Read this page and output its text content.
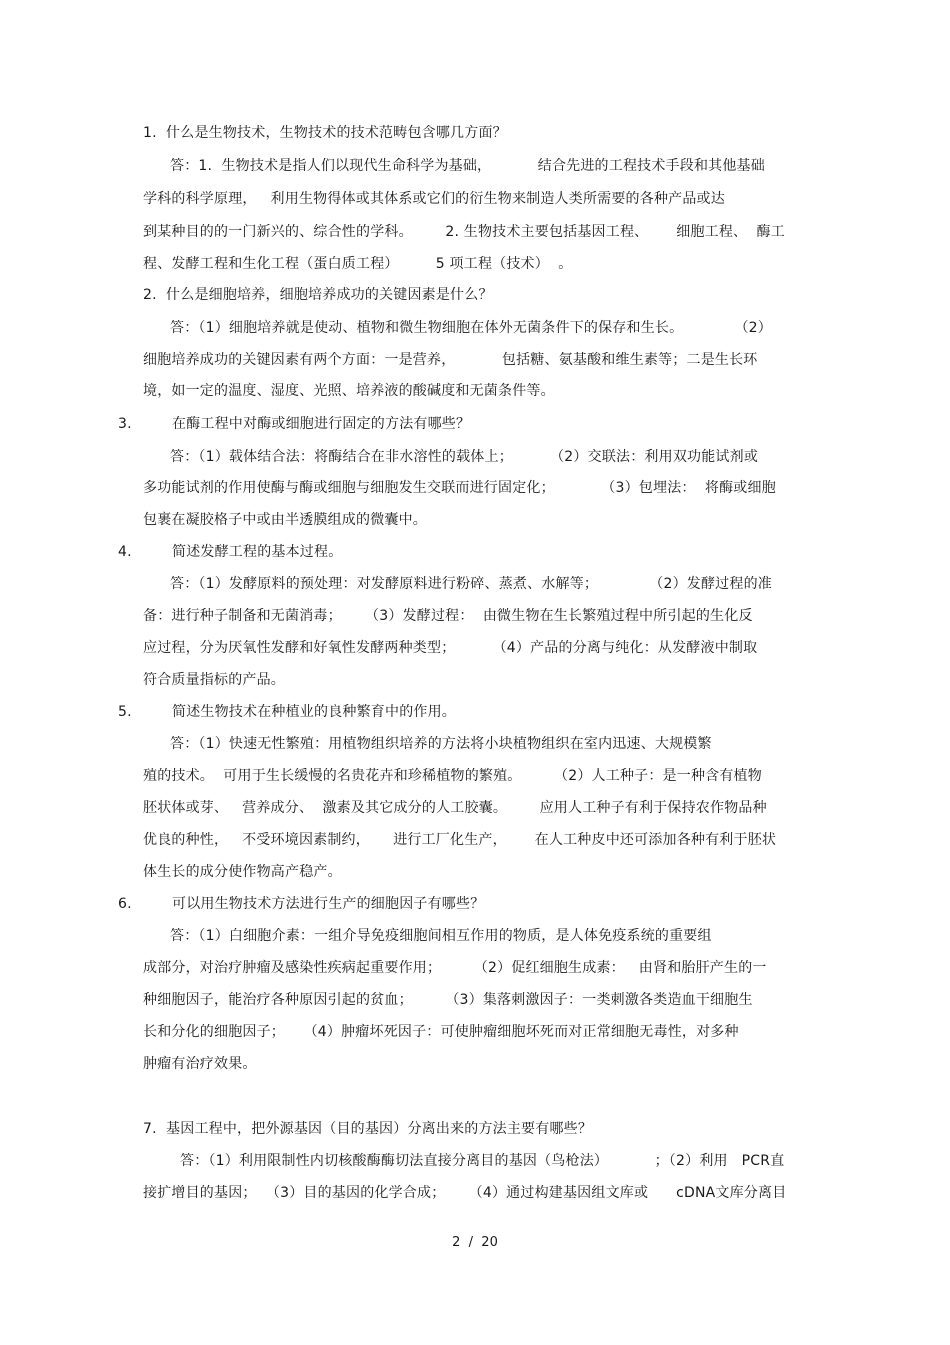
1.  什么是生物技术，生物技术的技术范畴包含哪几方面？
答：1.  生物技术是指人们以现代生命科学为基础，          结合先进的工程技术手段和其他基础
学科的科学原理，   利用生物得体或其体系或它们的衍生物来制造人类所需要的各种产品或达
到某种目的的一门新兴的、综合性的学科。       2. 生物技术主要包括基因工程、      细胞工程、  酶工
程、发酵工程和生化工程（蛋白质工程）        5 项工程（技术）  。
2.  什么是细胞培养，细胞培养成功的关键因素是什么？
答：（1）细胞培养就是使动、植物和微生物细胞在体外无菌条件下的保存和生长。           （2）
细胞培养成功的关键因素有两个方面：一是营养，          包括糖、氨基酸和维生素等；二是生长环
境，如一定的温度、湿度、光照、培养液的酸碱度和无菌条件等。
3.	在酶工程中对酶或细胞进行固定的方法有哪些？
答：（1）载体结合法：将酶结合在非水溶性的载体上；        （2）交联法：利用双功能试剂或
多功能试剂的作用使酶与酶或细胞与细胞发生交联而进行固定化；          （3）包埋法：  将酶或细胞
包裹在凝胶格子中或由半透膜组成的微囊中。
4.	简述发酵工程的基本过程。
答：（1）发酵原料的预处理：对发酵原料进行粉碎、蒸煮、水解等；           （2）发酵过程的准
备：进行种子制备和无菌消毒；     （3）发酵过程：  由微生物在生长繁殖过程中所引起的生化反
应过程，分为厌氧性发酵和好氧性发酵两种类型；        （4）产品的分离与纯化：从发酵液中制取
符合质量指标的产品。
5.	简述生物技术在种植业的良种繁育中的作用。
答：（1）快速无性繁殖：用植物组织培养的方法将小块植物组织在室内迅速、大规模繁
殖的技术。  可用于生长缓慢的名贵花卉和珍稀植物的繁殖。       （2）人工种子：是一种含有植物
胚状体或芽、   营养成分、  激素及其它成分的人工胶囊。       应用人工种子有利于保持农作物品种
优良的种性，   不受环境因素制约，     进行工厂化生产，      在人工种皮中还可添加各种有利于胚状
体生长的成分使作物高产稳产。
6.	可以用生物技术方法进行生产的细胞因子有哪些？
答：（1）白细胞介素：一组介导免疫细胞间相互作用的物质，是人体免疫系统的重要组
成部分，对治疗肿瘤及感染性疾病起重要作用；       （2）促红细胞生成素：   由肾和胎肝产生的一
种细胞因子，能治疗各种原因引起的贫血；       （3）集落刺激因子：一类刺激各类造血干细胞生
长和分化的细胞因子；    （4）肿瘤坏死因子：可使肿瘤细胞坏死而对正常细胞无毒性，对多种
肿瘤有治疗效果。
7.  基因工程中，把外源基因（目的基因）分离出来的方法主要有哪些？
答：（1）利用限制性内切核酸酶酶切法直接分离目的基因（鸟枪法）          ；（2）利用   PCR直
接扩增目的基因；  （3）目的基因的化学合成；     （4）通过构建基因组文库或      cDNA文库分离目
2  /  20
